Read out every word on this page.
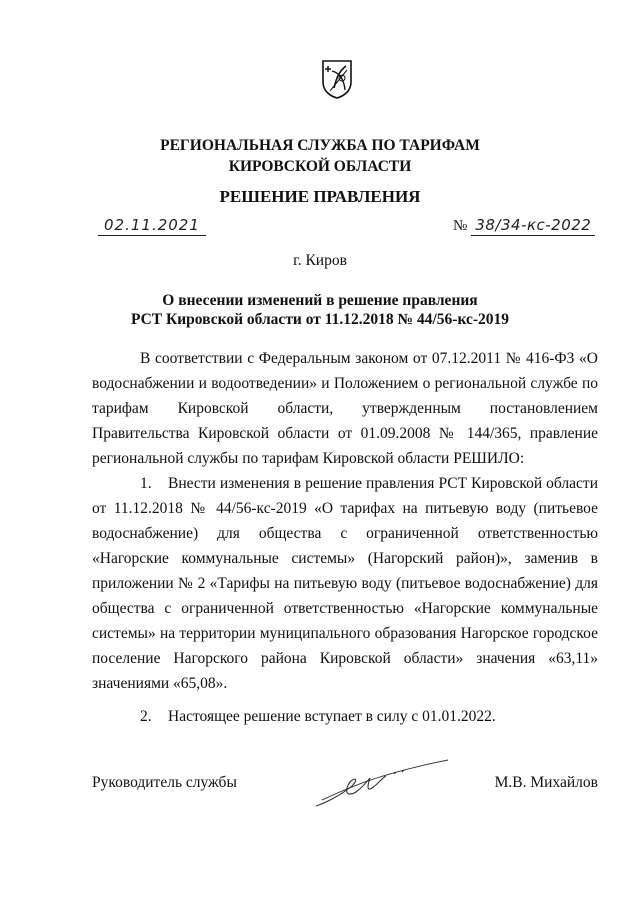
РЕГИОНАЛЬНАЯ СЛУЖБА ПО ТАРИФАМ
КИРОВСКОЙ ОБЛАСТИ
РЕШЕНИЕ ПРАВЛЕНИЯ
02.11.2021	№ 38/34-кс-2022
г. Киров
О внесении изменений в решение правления
РСТ Кировской области от 11.12.2018 № 44/56-кс-2019

В соответствии с Федеральным законом от 07.12.2011 № 416-ФЗ «О водоснабжении и водоотведении» и Положением о региональной службе по тарифам Кировской области, утвержденным постановлением Правительства Кировской области от 01.09.2008 № 144/365, правление региональной службы по тарифам Кировской области РЕШИЛО:

1. Внести изменения в решение правления РСТ Кировской области от 11.12.2018 № 44/56-кс-2019 «О тарифах на питьевую воду (питьевое водоснабжение) для общества с ограниченной ответственностью «Нагорские коммунальные системы» (Нагорский район)», заменив в приложении № 2 «Тарифы на питьевую воду (питьевое водоснабжение) для общества с ограниченной ответственностью «Нагорские коммунальные системы» на территории муниципального образования Нагорское городское поселение Нагорского района Кировской области» значения «63,11» значениями «65,08».

2. Настоящее решение вступает в силу с 01.01.2022.

Руководитель службы	М.В. Михайлов
